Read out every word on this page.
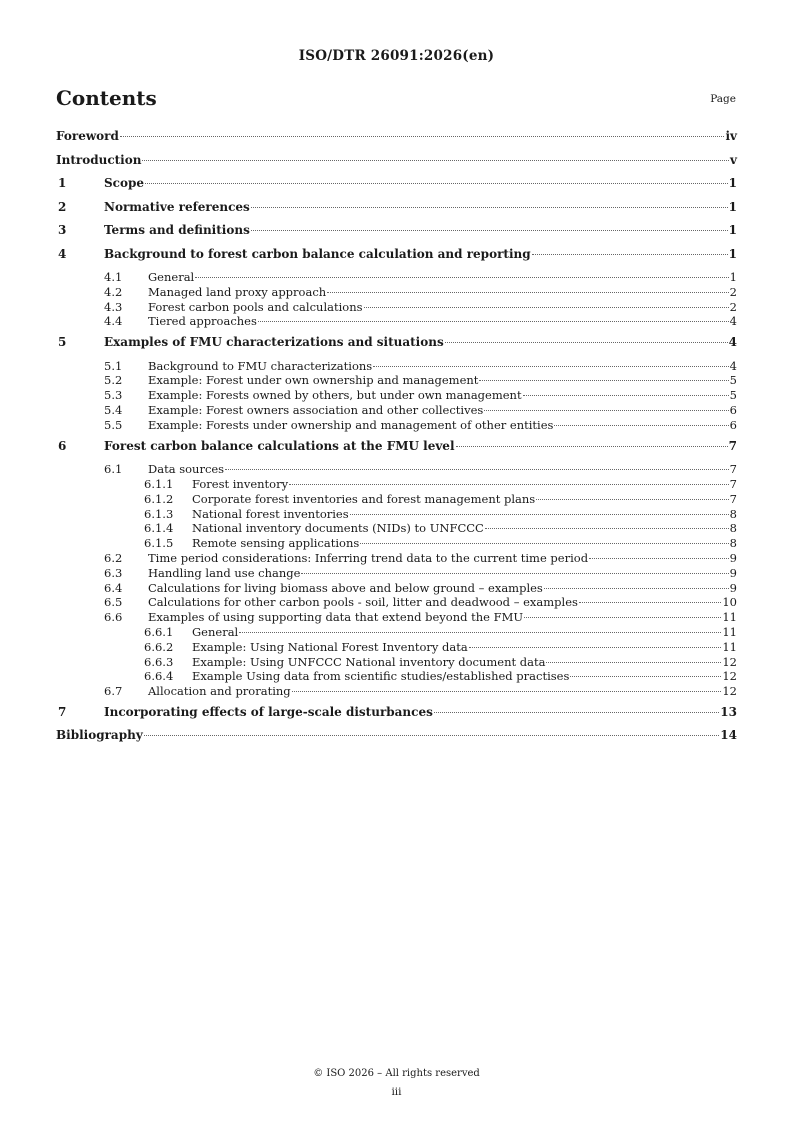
ISO/DTR 26091:2026(en)
Contents	Page
Foreword	iv
Introduction	v
1	Scope	1
2	Normative references	1
3	Terms and definitions	1
4	Background to forest carbon balance calculation and reporting	1
4.1	General	1
4.2	Managed land proxy approach	2
4.3	Forest carbon pools and calculations	2
4.4	Tiered approaches	4
5	Examples of FMU characterizations and situations	4
5.1	Background to FMU characterizations	4
5.2	Example: Forest under own ownership and management	5
5.3	Example: Forests owned by others, but under own management	5
5.4	Example: Forest owners association and other collectives	6
5.5	Example: Forests under ownership and management of other entities	6
6	Forest carbon balance calculations at the FMU level	7
6.1	Data sources	7
6.1.1	Forest inventory	7
6.1.2	Corporate forest inventories and forest management plans	7
6.1.3	National forest inventories	8
6.1.4	National inventory documents (NIDs) to UNFCCC	8
6.1.5	Remote sensing applications	8
6.2	Time period considerations: Inferring trend data to the current time period	9
6.3	Handling land use change	9
6.4	Calculations for living biomass above and below ground – examples	9
6.5	Calculations for other carbon pools - soil, litter and deadwood – examples	10
6.6	Examples of using supporting data that extend beyond the FMU	11
6.6.1	General	11
6.6.2	Example: Using National Forest Inventory data	11
6.6.3	Example: Using UNFCCC National inventory document data	12
6.6.4	Example Using data from scientific studies/established practises	12
6.7	Allocation and prorating	12
7	Incorporating effects of large-scale disturbances	13
Bibliography	14
© ISO 2026 – All rights reserved
iii
